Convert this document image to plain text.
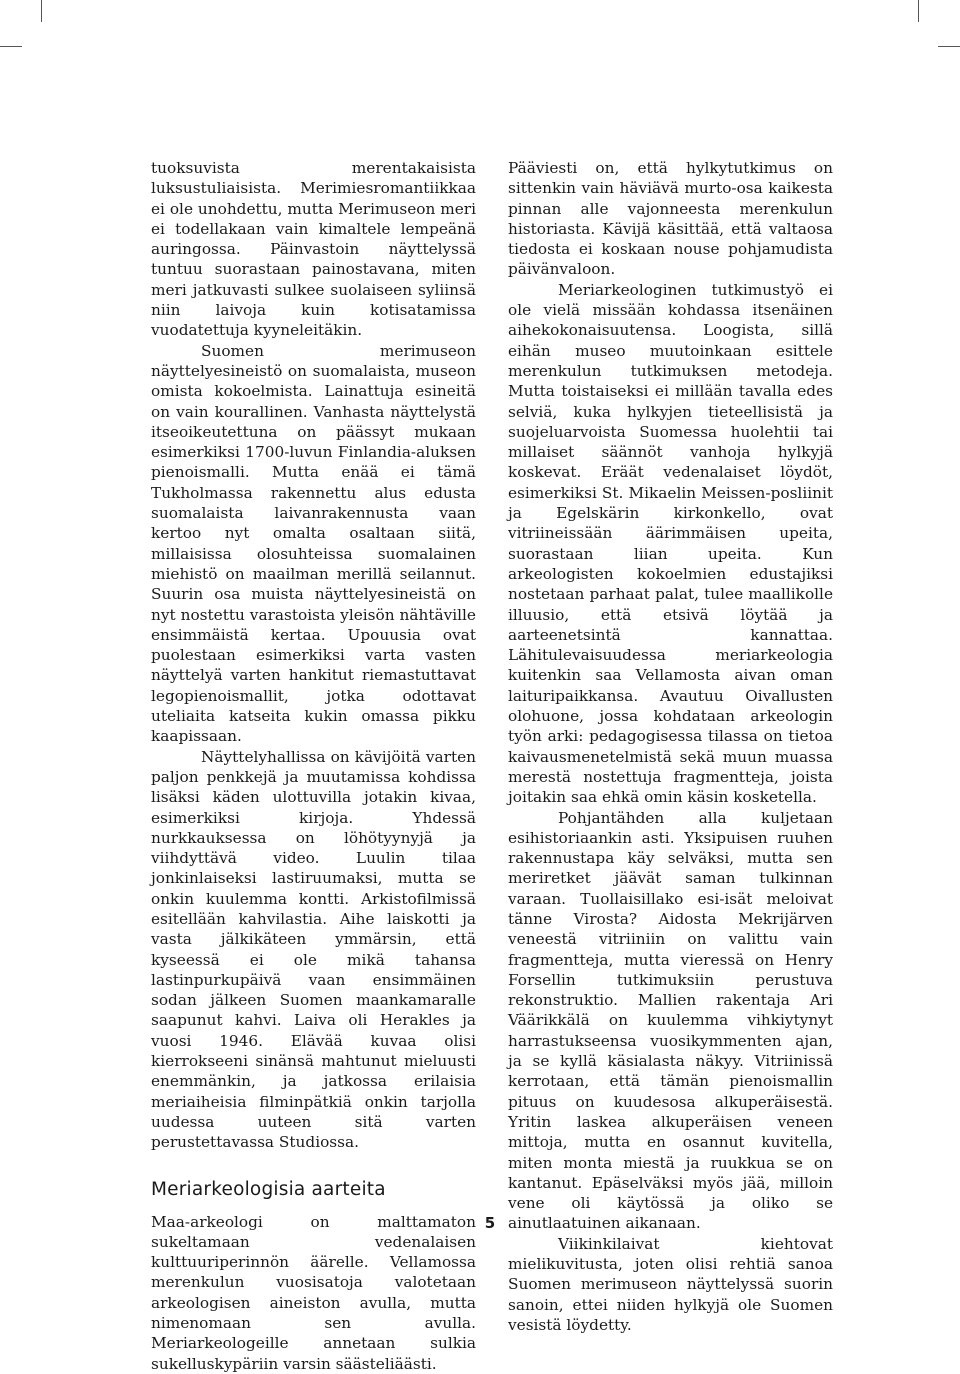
tuoksuvista merentakaisista luksustuliaisista. Merimiesromantiikkaa ei ole unohdettu, mutta Merimuseon meri ei todellakaan vain kimaltele lempeänä auringossa. Päinvastoin näyttelyssä tuntuu suorastaan painostavana, miten meri jatkuvasti sulkee suolaiseen syliinsä niin laivoja kuin kotisatamissa vuodatettuja kyyneleitäkin.

Suomen merimuseon näyttelyesineistö on suomalaista, museon omista kokoelmista. Lainattuja esineitä on vain kourallinen. Vanhasta näyttelystä itseoikeutettuna on päässyt mukaan esimerkiksi 1700-luvun Finlandia-aluksen pienoismalli. Mutta enää ei tämä Tukholmassa rakennettu alus edusta suomalaista laivanrakennusta vaan kertoo nyt omalta osaltaan siitä, millaisissa olosuhteissa suomalainen miehistö on maailman merillä seilannut. Suurin osa muista näyttelyesineistä on nyt nostettu varastoista yleisön nähtäville ensimmäistä kertaa. Upouusia ovat puolestaan esimerkiksi varta vasten näyttelyä varten hankitut riemastuttavat legopienoismallit, jotka odottavat uteliaita katseita kukin omassa pikku kaapissaan.

Näyttelyhallissa on kävijöitä varten paljon penkkejä ja muutamissa kohdissa lisäksi käden ulottuvilla jotakin kivaa, esimerkiksi kirjoja. Yhdessä nurkkauksessa on löhötyynyjä ja viihdyttävä video. Luulin tilaa jonkinlaiseksi lastiruumaksi, mutta se onkin kuulemma kontti. Arkistofilmissä esitellään kahvilastia. Aihe laiskotti ja vasta jälkikäteen ymmärsin, että kyseessä ei ole mikä tahansa lastinpurkupäivä vaan ensimmäinen sodan jälkeen Suomen maankamaralle saapunut kahvi. Laiva oli Herakles ja vuosi 1946. Elävää kuvaa olisi kierrokseeni sinänsä mahtunut mieluusti enemmänkin, ja jatkossa erilaisia meriaiheisia filminpätkiä onkin tarjolla uudessa uuteen sitä varten perustettavassa Studiossa.

Meriarkeologisia aarteita

Maa-arkeologi on malttamaton sukeltamaan vedenalaisen kulttuuriperinnön äärelle. Vellamossa merenkulun vuosisatoja valotetaan arkeologisen aineiston avulla, mutta nimenomaan sen avulla. Meriarkeologeille annetaan sulkia sukelluskypäriin varsin säästeliäästi.

Pääviesti on, että hylkytutkimus on sittenkin vain häviävä murto-osa kaikesta pinnan alle vajonneesta merenkulun historiasta. Kävijä käsittää, että valtaosa tiedosta ei koskaan nouse pohjamudista päivänvaloon.

Meriarkeologinen tutkimustyö ei ole vielä missään kohdassa itsenäinen aihekokonaisuutensa. Loogista, sillä eihän museo muutoinkaan esittele merenkulun tutkimuksen metodeja. Mutta toistaiseksi ei millään tavalla edes selviä, kuka hylkyjen tieteellisistä ja suojeluarvoista Suomessa huolehtii tai millaiset säännöt vanhoja hylkyjä koskevat. Eräät vedenalaiset löydöt, esimerkiksi St. Mikaelin Meissen-posliinit ja Egelskärin kirkonkello, ovat vitriineissään äärimmäisen upeita, suorastaan liian upeita. Kun arkeologisten kokoelmien edustajiksi nostetaan parhaat palat, tulee maallikolle illuusio, että etsivä löytää ja aarteenetsintä kannattaa. Lähitulevaisuudessa meriarkeologia kuitenkin saa Vellamosta aivan oman laituripaikkansa. Avautuu Oivallusten olohuone, jossa kohdataan arkeologin työn arki: pedagogisessa tilassa on tietoa kaivausmenetelmistä sekä muun muassa merestä nostettuja fragmentteja, joista joitakin saa ehkä omin käsin kosketella.

Pohjantähden alla kuljetaan esihistoriaankin asti. Yksipuisen ruuhen rakennustapa käy selväksi, mutta sen meriretket jäävät saman tulkinnan varaan. Tuollaisillako esi-isät meloivat tänne Virosta? Aidosta Mekrijärven veneestä vitriiniin on valittu vain fragmentteja, mutta vieressä on Henry Forsellin tutkimuksiin perustuva rekonstruktio. Mallien rakentaja Ari Väärikkälä on kuulemma vihkiytynyt harrastukseensa vuosikymmenten ajan, ja se kyllä käsialasta näkyy. Vitriinissä kerrotaan, että tämän pienoismallin pituus on kuudesosa alkuperäisestä. Yritin laskea alkuperäisen veneen mittoja, mutta en osannut kuvitella, miten monta miestä ja ruukkua se on kantanut. Epäselväksi myös jää, milloin vene oli käytössä ja oliko se ainutlaatuinen aikanaan.

Viikinkilaivat kiehtovat mielikuvitusta, joten olisi rehtiä sanoa Suomen merimuseon näyttelyssä suorin sanoin, ettei niiden hylkyjä ole Suomen vesistä löydetty.

5
